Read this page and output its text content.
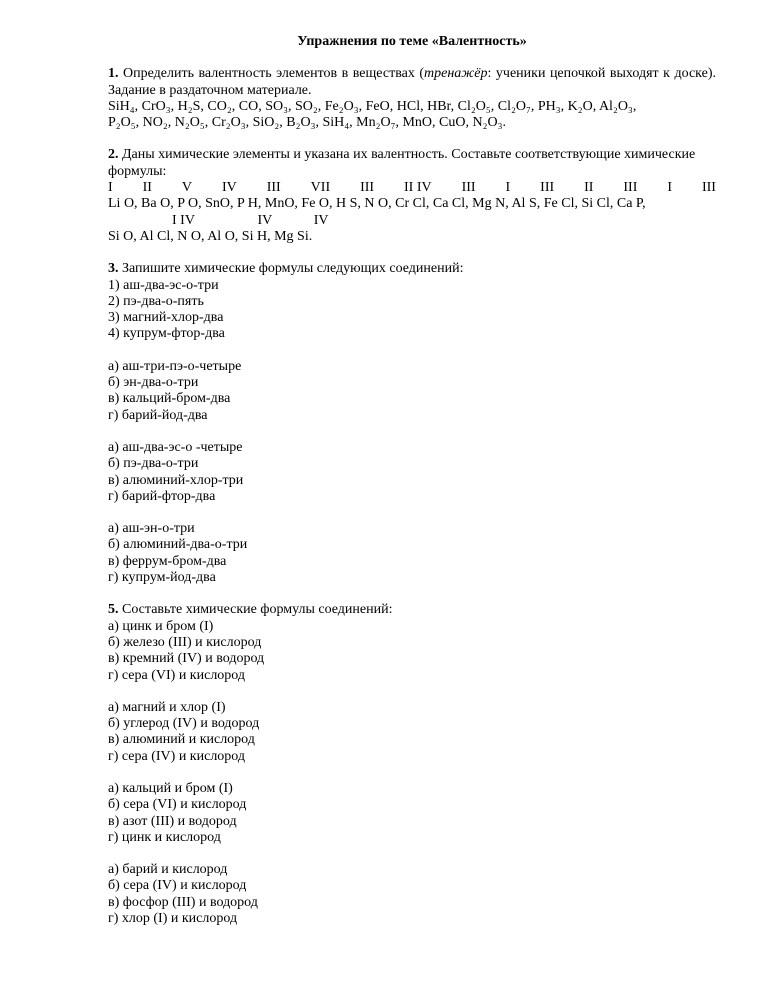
Упражнения по теме «Валентность»

1. Определить валентность элементов в веществах (тренажёр: ученики цепочкой выходят к доске). Задание в раздаточном материале.

SiH₄, CrO₃, H₂S, CO₂, CO, SO₃, SO₂, Fe₂O₃, FeO, HCl, HBr, Cl₂O₅, Cl₂O₇, PH₃, K₂O, Al₂O₃,

P₂O₅, NO₂, N₂O₅, Cr₂O₃, SiO₂, B₂O₃, SiH₄, Mn₂O₇, MnO, CuO, N₂O₃.

2. Даны химические элементы и указана их валентность. Составьте соответствующие химические формулы:

I II V IV III VII III II IV III I III II III I III

Li O, Ba O, P O, SnO, P H, MnO, Fe O, H S, N O, Cr Cl, Ca Cl, Mg N, Al S, Fe Cl, Si Cl, Ca P,

I IV	IV	IV

Si O, Al Cl, N O, Al O, Si H, Mg Si.

3. Запишите химические формулы следующих соединений:

1) аш-два-эс-о-три
2) пэ-два-о-пять
3) магний-хлор-два
4) купрум-фтор-два
а) аш-три-пэ-о-четыре
б) эн-два-о-три
в) кальций-бром-два
г) барий-йод-два
а) аш-два-эс-о -четыре
б) пэ-два-о-три
в) алюминий-хлор-три
г) барий-фтор-два
а) аш-эн-о-три
б) алюминий-два-о-три
в) феррум-бром-два
г) купрум-йод-два

5. Составьте химические формулы соединений:

а) цинк и бром (I)
б) железо (III) и кислород
в) кремний (IV) и водород
г) сера (VI) и кислород
а) магний и хлор (I)
б) углерод (IV) и водород
в) алюминий и кислород
г) сера (IV) и кислород
а) кальций и бром (I)
б) сера (VI) и кислород
в) азот (III) и водород
г) цинк и кислород
а) барий и кислород
б) сера (IV) и кислород
в) фосфор (III) и водород
г) хлор (I) и кислород
